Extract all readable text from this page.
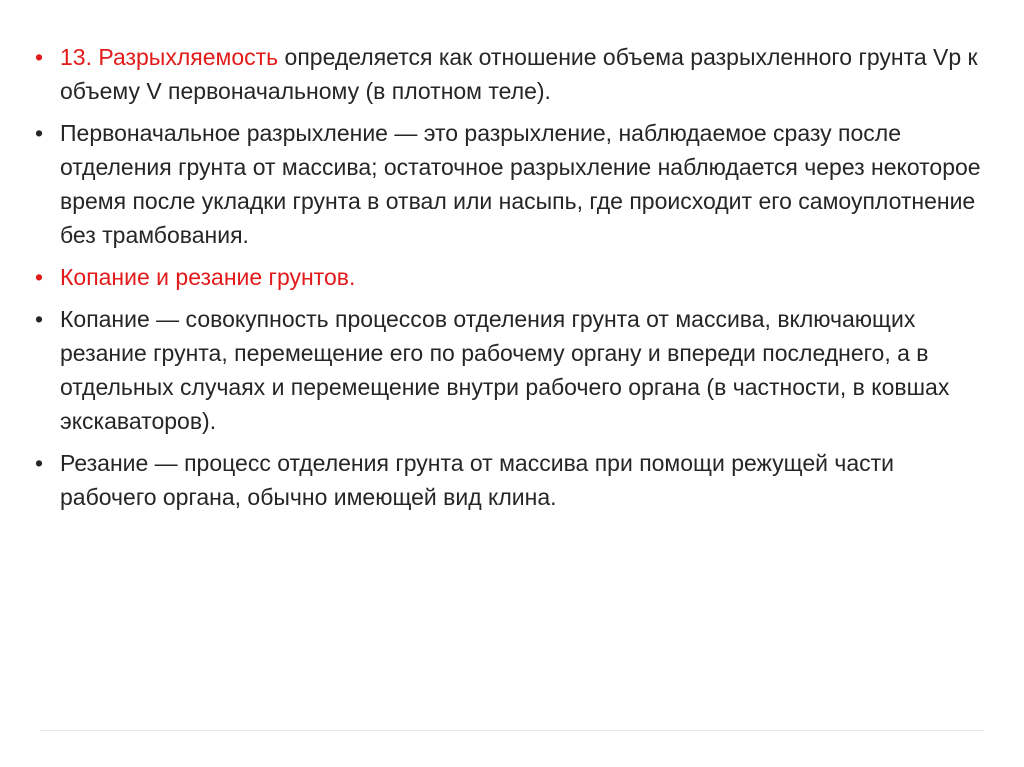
• 13. Разрыхляемость определяется как отношение объема разрыхленного грунта Vр к объему V первоначальному (в плотном теле).
• Первоначальное разрыхление — это разрыхление, наблюдаемое сразу после отделения грунта от массива; остаточное разрыхление наблюдается через некоторое время после укладки грунта в отвал или насыпь, где происходит его самоуплотнение без трамбования.
• Копание и резание грунтов.
• Копание — совокупность процессов отделения грунта от массива, включающих резание грунта, перемещение его по рабочему органу и впереди последнего, а в отдельных случаях и перемещение внутри рабочего органа (в частности, в ковшах экскаваторов).
• Резание — процесс отделения грунта от массива при помощи режущей части рабочего органа, обычно имеющей вид клина.
